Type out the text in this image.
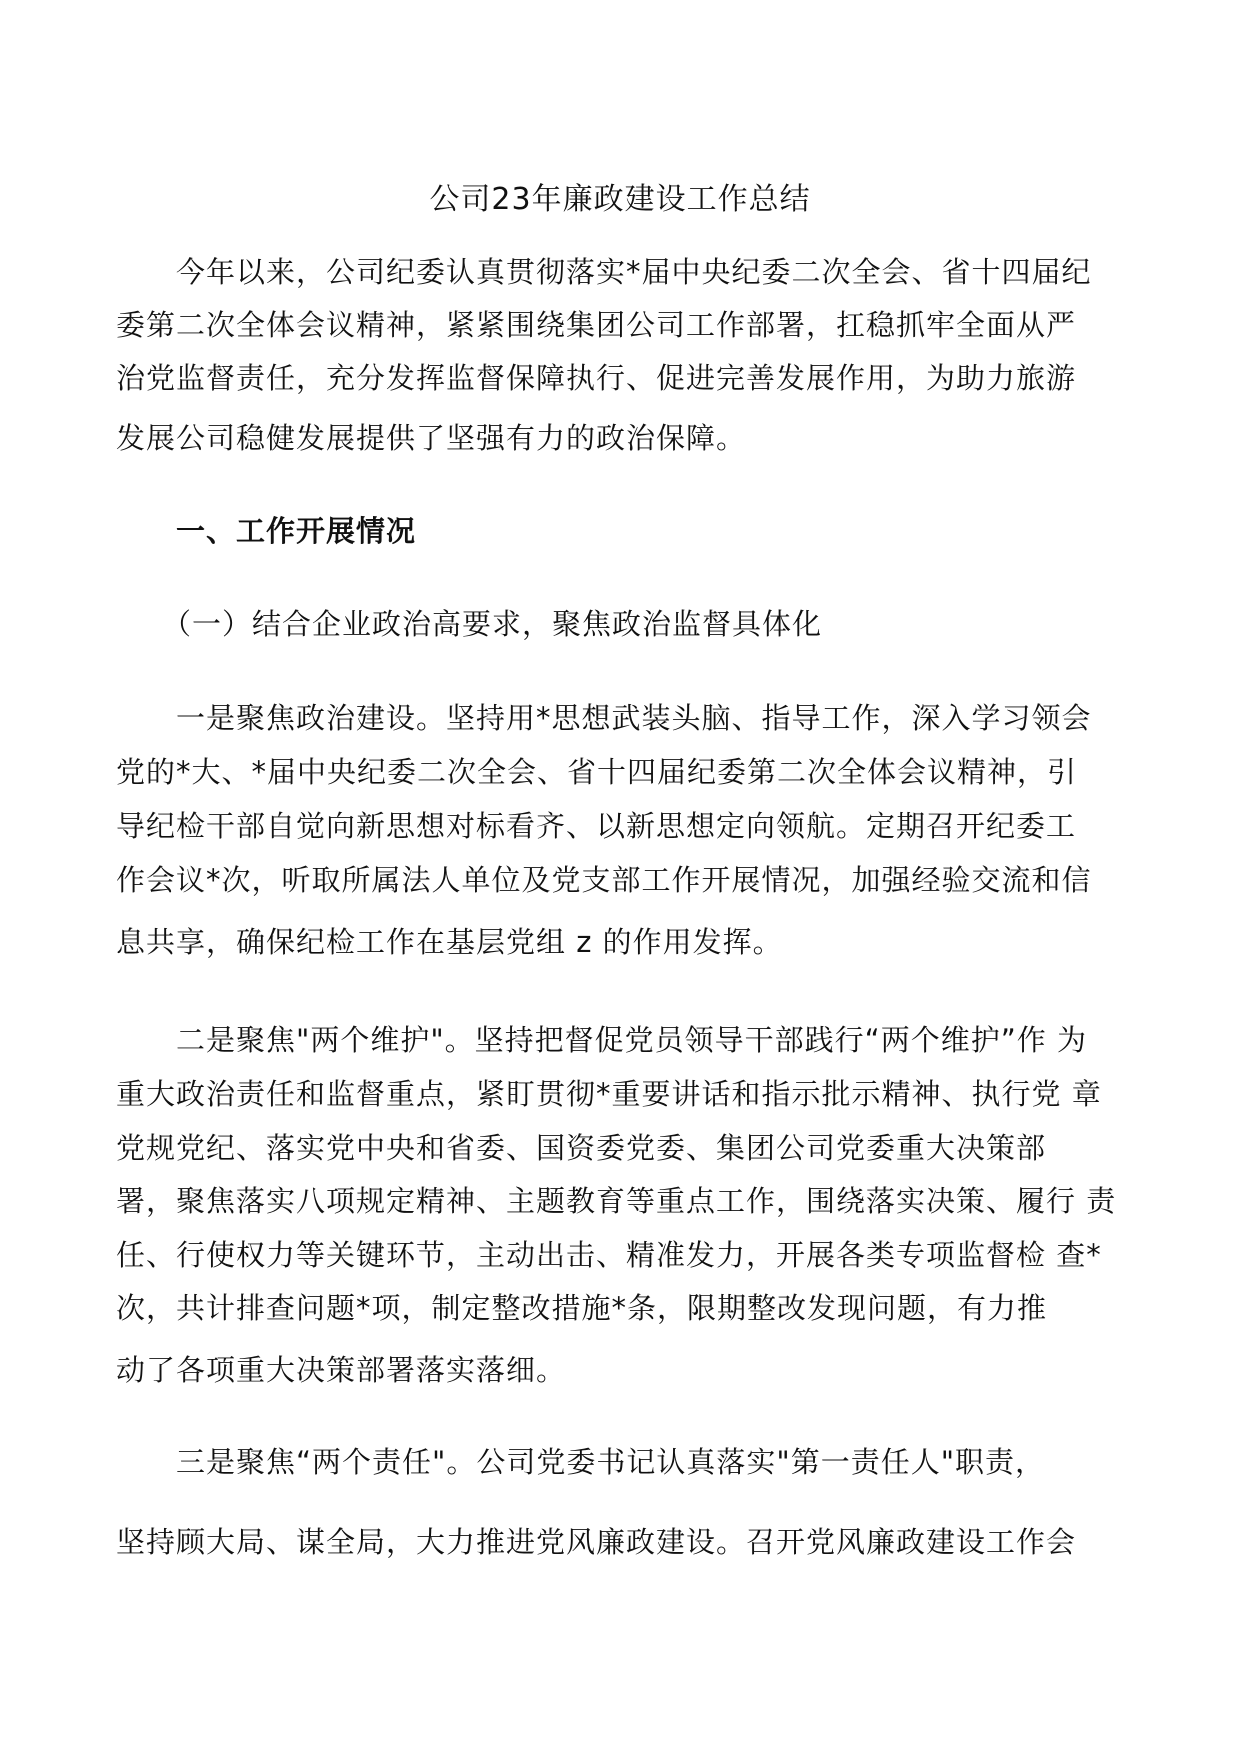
公司23年廉政建设工作总结
今年以来，公司纪委认真贯彻落实*届中央纪委二次全会、省十四届纪
委第二次全体会议精神，紧紧围绕集团公司工作部署，扛稳抓牢全面从严
治党监督责任，充分发挥监督保障执行、促进完善发展作用，为助力旅游
发展公司稳健发展提供了坚强有力的政治保障。
一、工作开展情况
（一）结合企业政治高要求，聚焦政治监督具体化
一是聚焦政治建设。坚持用*思想武装头脑、指导工作，深入学习领会
党的*大、*届中央纪委二次全会、省十四届纪委第二次全体会议精神，引
导纪检干部自觉向新思想对标看齐、以新思想定向领航。定期召开纪委工
作会议*次，听取所属法人单位及党支部工作开展情况，加强经验交流和信
息共享，确保纪检工作在基层党组 z 的作用发挥。
二是聚焦"两个维护"。坚持把督促党员领导干部践行“两个维护”作 为
重大政治责任和监督重点，紧盯贯彻*重要讲话和指示批示精神、执行党 章
党规党纪、落实党中央和省委、国资委党委、集团公司党委重大决策部
署，聚焦落实八项规定精神、主题教育等重点工作，围绕落实决策、履行 责
任、行使权力等关键环节，主动出击、精准发力，开展各类专项监督检 查*
次，共计排查问题*项，制定整改措施*条，限期整改发现问题，有力推
动了各项重大决策部署落实落细。
三是聚焦“两个责任"。公司党委书记认真落实"第一责任人"职责，
坚持顾大局、谋全局，大力推进党风廉政建设。召开党风廉政建设工作会
